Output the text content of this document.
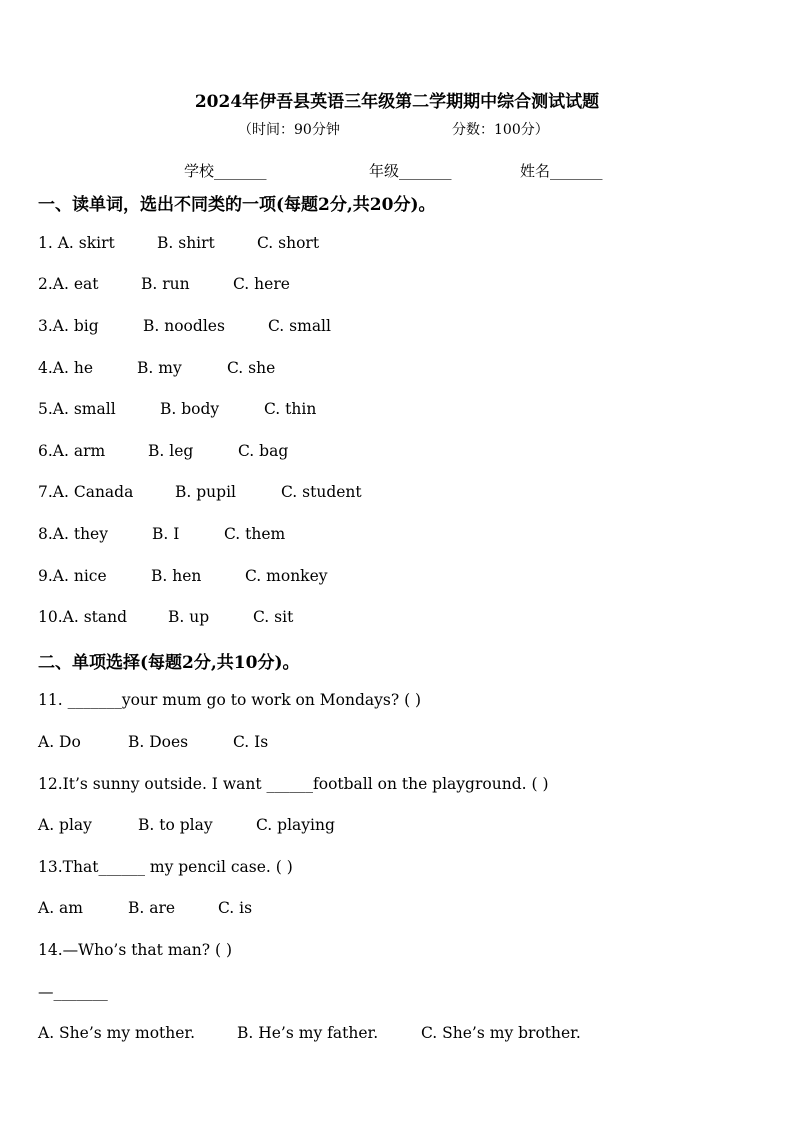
2024年伊吾县英语三年级第二学期期中综合测试试题
（时间：90分钟	分数：100分）
学校_______	年级_______	姓名_______
一、读单词，选出不同类的一项(每题2分,共20分)。
1. A. skirt	B. shirt	C. short
2.A. eat	B. run	C. here
3.A. big	B. noodles	C. small
4.A. he	B. my	C. she
5.A. small	B. body	C. thin
6.A. arm	B. leg	C. bag
7.A. Canada	B. pupil	C. student
8.A. they	B. I	C. them
9.A. nice	B. hen	C. monkey
10.A. stand	B. up	C. sit
二、单项选择(每题2分,共10分)。
11. _______your mum go to work on Mondays? ( )
A. Do	B. Does	C. Is
12.It’s sunny outside. I want ______football on the playground. ( )
A. play	B. to play	C. playing
13.That______ my pencil case. ( )
A. am	B. are	C. is
14.—Who’s that man? ( )
—_______
A. She’s my mother.	B. He’s my father.	C. She’s my brother.
